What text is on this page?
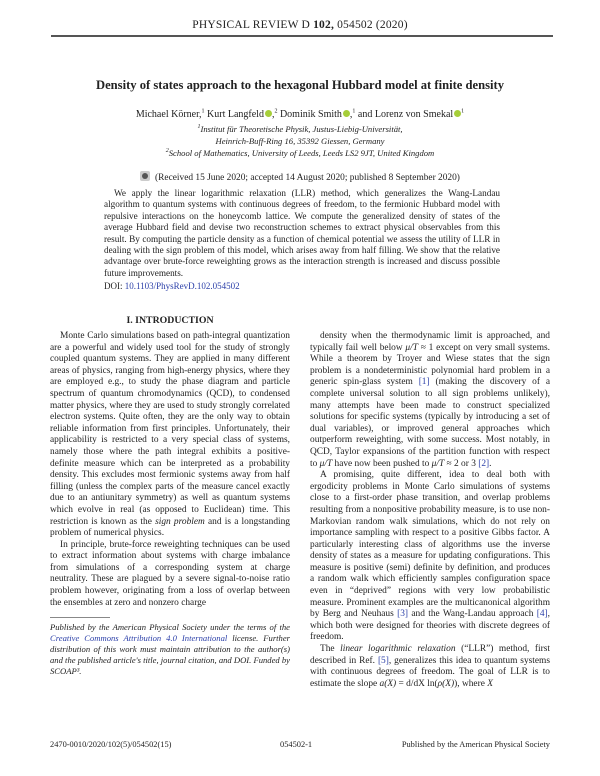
PHYSICAL REVIEW D 102, 054502 (2020)
Density of states approach to the hexagonal Hubbard model at finite density
Michael Körner,$^1$ Kurt Langfeld ,$^2$ Dominik Smith ,$^1$ and Lorenz von Smekal $^1$
$^1$Institut für Theoretische Physik, Justus-Liebig-Universität,
Heinrich-Buff-Ring 16, 35392 Giessen, Germany
$^2$School of Mathematics, University of Leeds, Leeds LS2 9JT, United Kingdom
(Received 15 June 2020; accepted 14 August 2020; published 8 September 2020)
We apply the linear logarithmic relaxation (LLR) method, which generalizes the Wang-Landau algorithm to quantum systems with continuous degrees of freedom, to the fermionic Hubbard model with repulsive interactions on the honeycomb lattice. We compute the generalized density of states of the average Hubbard field and devise two reconstruction schemes to extract physical observables from this result. By computing the particle density as a function of chemical potential we assess the utility of LLR in dealing with the sign problem of this model, which arises away from half filling. We show that the relative advantage over brute-force reweighting grows as the interaction strength is increased and discuss possible future improvements.
DOI: 10.1103/PhysRevD.102.054502
I. INTRODUCTION

Monte Carlo simulations based on path-integral quantization are a powerful and widely used tool for the study of strongly coupled quantum systems. They are applied in many different areas of physics, ranging from high-energy physics, where they are employed e.g., to study the phase diagram and particle spectrum of quantum chromodynamics (QCD), to condensed matter physics, where they are used to study strongly correlated electron systems. Quite often, they are the only way to obtain reliable information from first principles. Unfortunately, their applicability is restricted to a very special class of systems, namely those where the path integral exhibits a positive-definite measure which can be interpreted as a probability density. This excludes most fermionic systems away from half filling (unless the complex parts of the measure cancel exactly due to an antiunitary symmetry) as well as quantum systems which evolve in real (as opposed to Euclidean) time. This restriction is known as the sign problem and is a longstanding problem of numerical physics.

In principle, brute-force reweighting techniques can be used to extract information about systems with charge imbalance from simulations of a corresponding system at charge neutrality. These are plagued by a severe signal-to-noise ratio problem however, originating from a loss of overlap between the ensembles at zero and nonzero charge

Published by the American Physical Society under the terms of the Creative Commons Attribution 4.0 International license. Further distribution of this work must maintain attribution to the author(s) and the published article's title, journal citation, and DOI. Funded by SCOAP³.

density when the thermodynamic limit is approached, and typically fail well below μ/T ≈ 1 except on very small systems. While a theorem by Troyer and Wiese states that the sign problem is a nondeterministic polynomial hard problem in a generic spin-glass system [1] (making the discovery of a complete universal solution to all sign problems unlikely), many attempts have been made to construct specialized solutions for specific systems (typically by introducing a set of dual variables), or improved general approaches which outperform reweighting, with some success. Most notably, in QCD, Taylor expansions of the partition function with respect to μ/T have now been pushed to μ/T ≈ 2 or 3 [2].

A promising, quite different, idea to deal both with ergodicity problems in Monte Carlo simulations of systems close to a first-order phase transition, and overlap problems resulting from a nonpositive probability measure, is to use non-Markovian random walk simulations, which do not rely on importance sampling with respect to a positive Gibbs factor. A particularly interesting class of algorithms use the inverse density of states as a measure for updating configurations. This measure is positive (semi) definite by definition, and produces a random walk which efficiently samples configuration space even in “deprived” regions with very low probabilistic measure. Prominent examples are the multicanonical algorithm by Berg and Neuhaus [3] and the Wang-Landau approach [4], which both were designed for theories with discrete degrees of freedom.

The linear logarithmic relaxation (“LLR”) method, first described in Ref. [5], generalizes this idea to quantum systems with continuous degrees of freedom. The goal of LLR is to estimate the slope a(X) = d/dX ln(ρ(X)), where X

2470-0010/2020/102(5)/054502(15)	054502-1	Published by the American Physical Society
